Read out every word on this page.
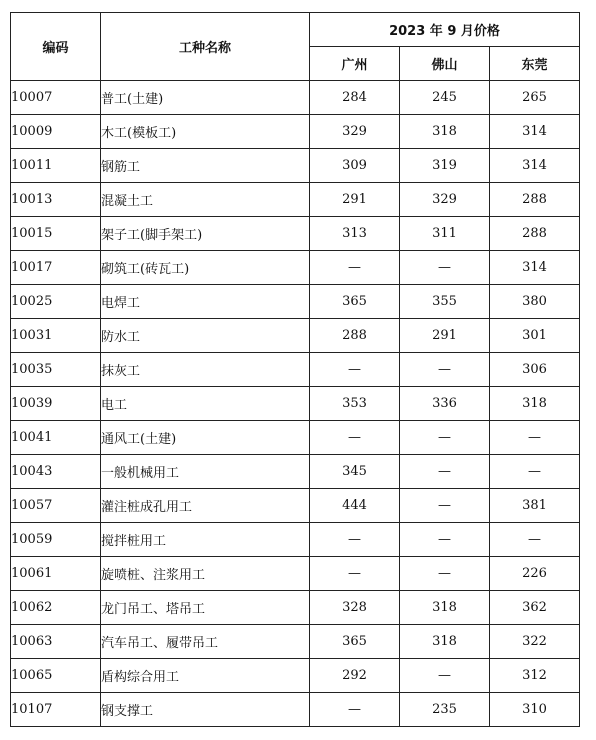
编码	工种名称	2023 年 9 月价格		
		广州	佛山	东莞
10007	普工(土建)	284	245	265
10009	木工(模板工)	329	318	314
10011	钢筋工	309	319	314
10013	混凝土工	291	329	288
10015	架子工(脚手架工)	313	311	288
10017	砌筑工(砖瓦工)	—	—	314
10025	电焊工	365	355	380
10031	防水工	288	291	301
10035	抹灰工	—	—	306
10039	电工	353	336	318
10041	通风工(土建)	—	—	—
10043	一般机械用工	345	—	—
10057	灌注桩成孔用工	444	—	381
10059	搅拌桩用工	—	—	—
10061	旋喷桩、注浆用工	—	—	226
10062	龙门吊工、塔吊工	328	318	362
10063	汽车吊工、履带吊工	365	318	322
10065	盾构综合用工	292	—	312
10107	钢支撑工	—	235	310
